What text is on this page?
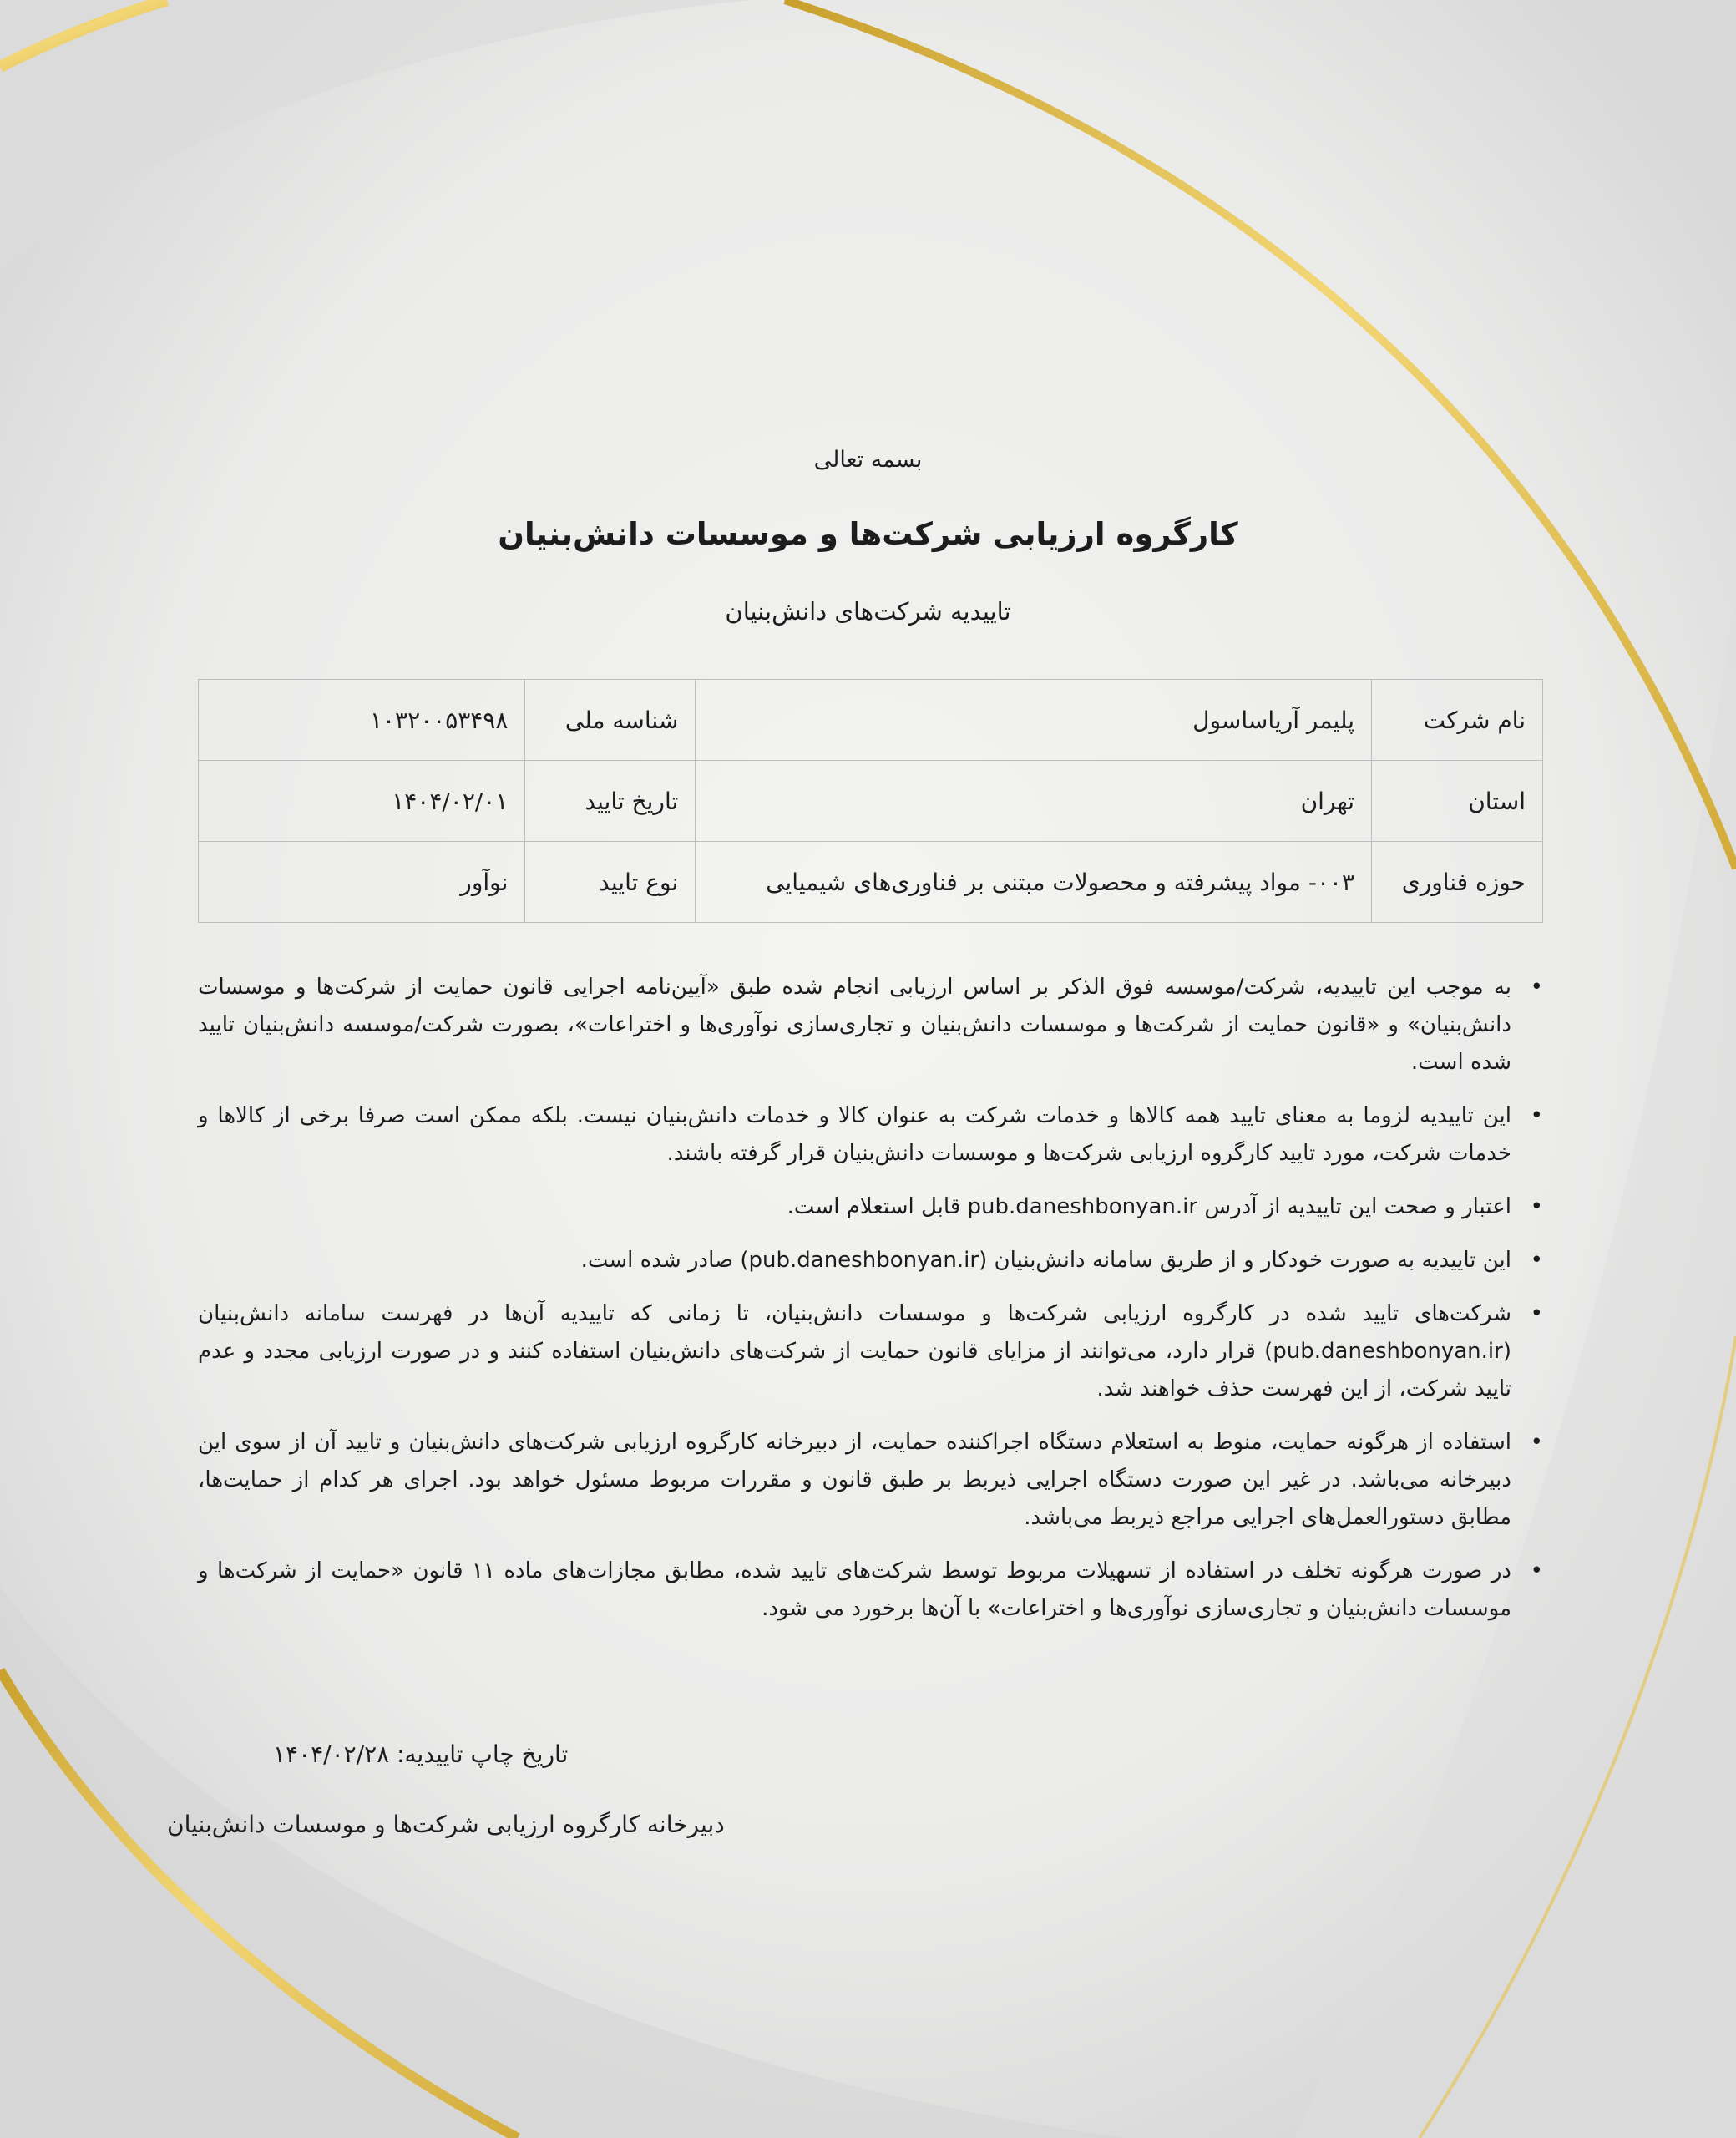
بسمه تعالی
کارگروه ارزیابی شرکت‌ها و موسسات دانش‌بنیان
تاییدیه شرکت‌های دانش‌بنیان
نام شرکت	پلیمر آریاساسول	شناسه ملی	۱۰۳۲۰۰۵۳۴۹۸
استان	تهران	تاریخ تایید	۱۴۰۴/۰۲/۰۱
حوزه فناوری	۰۰۳- مواد پیشرفته و محصولات مبتنی بر فناوری‌های شیمیایی	نوع تایید	نوآور
•
به موجب این تاییدیه، شرکت/موسسه فوق الذکر بر اساس ارزیابی انجام شده طبق «آیین‌نامه اجرایی قانون حمایت از شرکت‌ها و موسسات دانش‌بنیان» و «قانون حمایت از شرکت‌ها و موسسات دانش‌بنیان و تجاری‌سازی نوآوری‌ها و اختراعات»، بصورت شرکت/موسسه دانش‌بنیان تایید شده است.
•
این تاییدیه لزوما به معنای تایید همه کالاها و خدمات شرکت به عنوان کالا و خدمات دانش‌بنیان نیست. بلکه ممکن است صرفا برخی از کالاها و خدمات شرکت، مورد تایید کارگروه ارزیابی شرکت‌ها و موسسات دانش‌بنیان قرار گرفته باشند.
•
اعتبار و صحت این تاییدیه از آدرس pub.daneshbonyan.ir قابل استعلام است.
•
این تاییدیه به صورت خودکار و از طریق سامانه دانش‌بنیان (pub.daneshbonyan.ir) صادر شده است.
•
شرکت‌های تایید شده در کارگروه ارزیابی شرکت‌ها و موسسات دانش‌بنیان، تا زمانی که تاییدیه آن‌ها در فهرست سامانه دانش‌بنیان (pub.daneshbonyan.ir) قرار دارد، می‌توانند از مزایای قانون حمایت از شرکت‌های دانش‌بنیان استفاده کنند و در صورت ارزیابی مجدد و عدم تایید شرکت، از این فهرست حذف خواهند شد.
•
استفاده از هرگونه حمایت، منوط به استعلام دستگاه اجراکننده حمایت، از دبیرخانه کارگروه ارزیابی شرکت‌های دانش‌بنیان و تایید آن از سوی این دبیرخانه می‌باشد. در غیر این صورت دستگاه اجرایی ذیربط بر طبق قانون و مقررات مربوط مسئول خواهد بود. اجرای هر کدام از حمایت‌ها، مطابق دستورالعمل‌های اجرایی مراجع ذیربط می‌باشد.
•
در صورت هرگونه تخلف در استفاده از تسهیلات مربوط توسط شرکت‌های تایید شده، مطابق مجازات‌های ماده ۱۱ قانون «حمایت از شرکت‌ها و موسسات دانش‌بنیان و تجاری‌سازی نوآوری‌ها و اختراعات» با آن‌ها برخورد می شود.
تاریخ چاپ تاییدیه: ۱۴۰۴/۰۲/۲۸
دبیرخانه کارگروه ارزیابی شرکت‌ها و موسسات دانش‌بنیان
